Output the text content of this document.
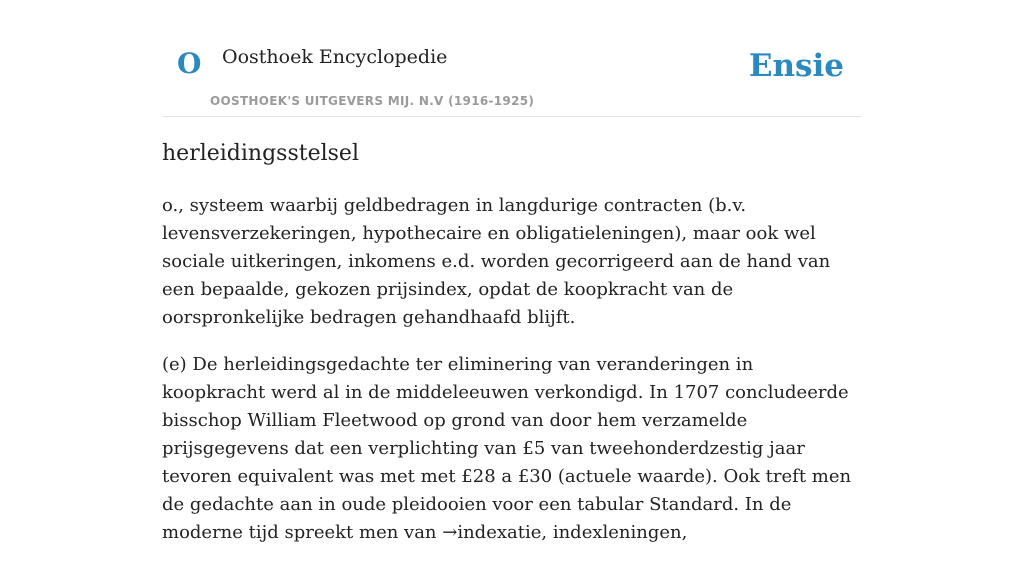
O Oosthoek Encyclopedie
OOSTHOEK'S UITGEVERS MIJ. N.V (1916-1925)
Ensie
herleidingsstelsel

o., systeem waarbij geldbedragen in langdurige contracten (b.v. levensverzekeringen, hypothecaire en obligatieleningen), maar ook wel sociale uitkeringen, inkomens e.d. worden gecorrigeerd aan de hand van een bepaalde, gekozen prijsindex, opdat de koopkracht van de oorspronkelijke bedragen gehandhaafd blijft.

(e) De herleidingsgedachte ter eliminering van veranderingen in koopkracht werd al in de middeleeuwen verkondigd. In 1707 concludeerde bisschop William Fleetwood op grond van door hem verzamelde prijsgegevens dat een verplichting van £5 van tweehonderdzestig jaar tevoren equivalent was met met £28 a £30 (actuele waarde). Ook treft men de gedachte aan in oude pleidooien voor een tabular Standard. In de moderne tijd spreekt men van →indexatie, indexleningen,
